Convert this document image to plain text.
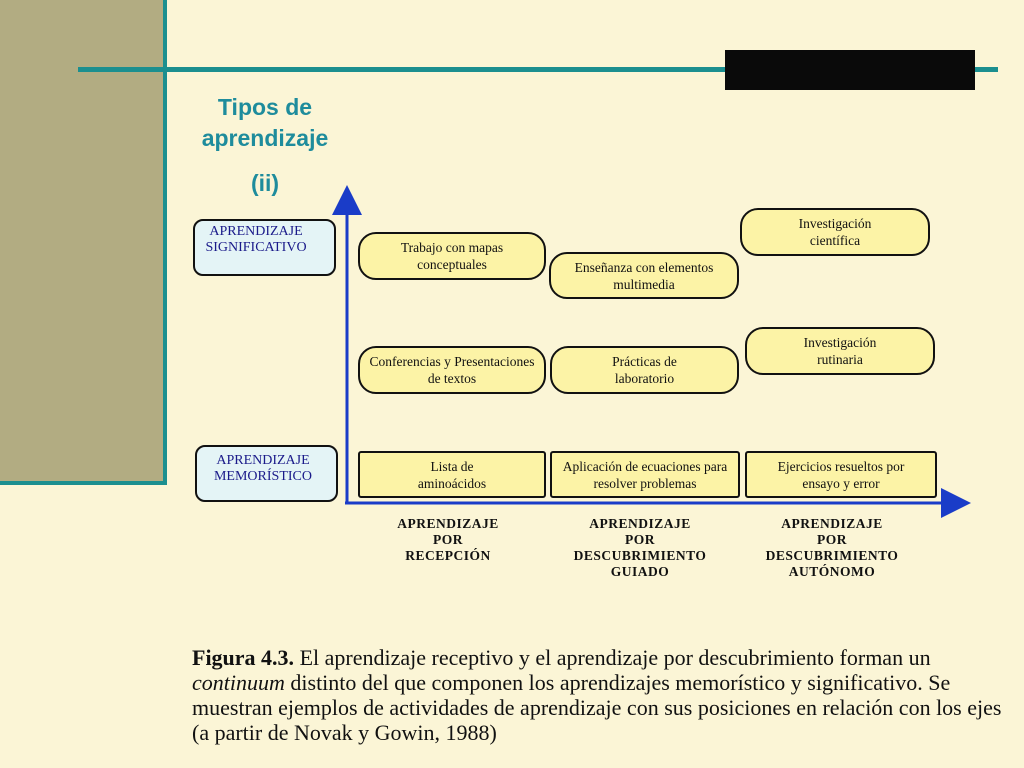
Tipos de
aprendizaje
(ii)
APRENDIZAJE SIGNIFICATIVO
APRENDIZAJE MEMORÍSTICO
Trabajo con mapas conceptuales	Enseñanza con elementos multimedia
Investigación científica
Conferencias y Presentaciones de textos
Prácticas de laboratorio
Investigación rutinaria
Lista de aminoácidos
Aplicación de ecuaciones para resolver problemas
Ejercicios resueltos por ensayo y error
APRENDIZAJE
POR
RECEPCIÓN
APRENDIZAJE
POR
DESCUBRIMIENTO
GUIADO
APRENDIZAJE
POR
DESCUBRIMIENTO
AUTÓNOMO
Figura 4.3. El aprendizaje receptivo y el aprendizaje por descubrimiento forman un continuum distinto del que componen los aprendizajes memorístico y significativo. Se muestran ejemplos de actividades de aprendizaje con sus posiciones en relación con los ejes (a partir de Novak y Gowin, 1988)
